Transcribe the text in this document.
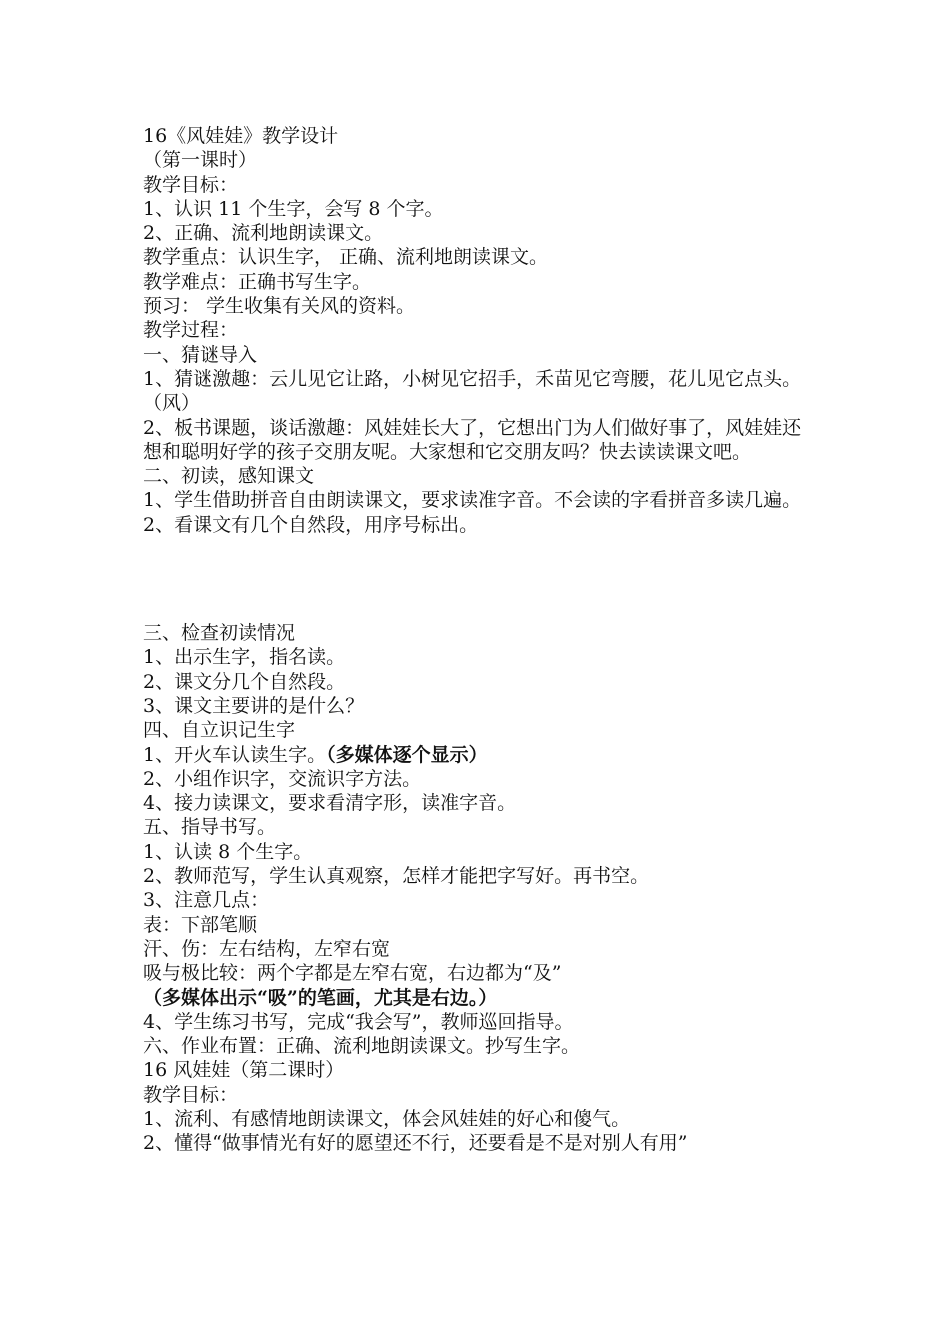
16《风娃娃》教学设计

（第一课时）

教学目标：

1、认识 11 个生字，会写 8 个字。

2、正确、流利地朗读课文。

教学重点：认识生字， 正确、流利地朗读课文。

教学难点：正确书写生字。

预习： 学生收集有关风的资料。

教学过程：

一、猜谜导入

1、猜谜激趣：云儿见它让路，小树见它招手，禾苗见它弯腰，花儿见它点头。（风）

2、板书课题，谈话激趣：风娃娃长大了，它想出门为人们做好事了，风娃娃还想和聪明好学的孩子交朋友呢。大家想和它交朋友吗？快去读读课文吧。

二、初读，感知课文

1、学生借助拼音自由朗读课文，要求读准字音。不会读的字看拼音多读几遍。

2、看课文有几个自然段，用序号标出。

三、检查初读情况

1、出示生字，指名读。

2、课文分几个自然段。

3、课文主要讲的是什么？

四、自立识记生字

1、开火车认读生字。（多媒体逐个显示）

2、小组作识字，交流识字方法。

4、接力读课文，要求看清字形，读准字音。

五、指导书写。

1、认读 8 个生字。

2、教师范写，学生认真观察，怎样才能把字写好。再书空。

3、注意几点：

表：下部笔顺

汗、伤：左右结构，左窄右宽

吸与极比较：两个字都是左窄右宽，右边都为“及”

（多媒体出示“吸”的笔画，尤其是右边。）

4、学生练习书写，完成“我会写”，教师巡回指导。

六、作业布置：正确、流利地朗读课文。抄写生字。

16 风娃娃（第二课时）

教学目标：

1、流利、有感情地朗读课文，体会风娃娃的好心和傻气。

2、懂得“做事情光有好的愿望还不行，还要看是不是对别人有用”
